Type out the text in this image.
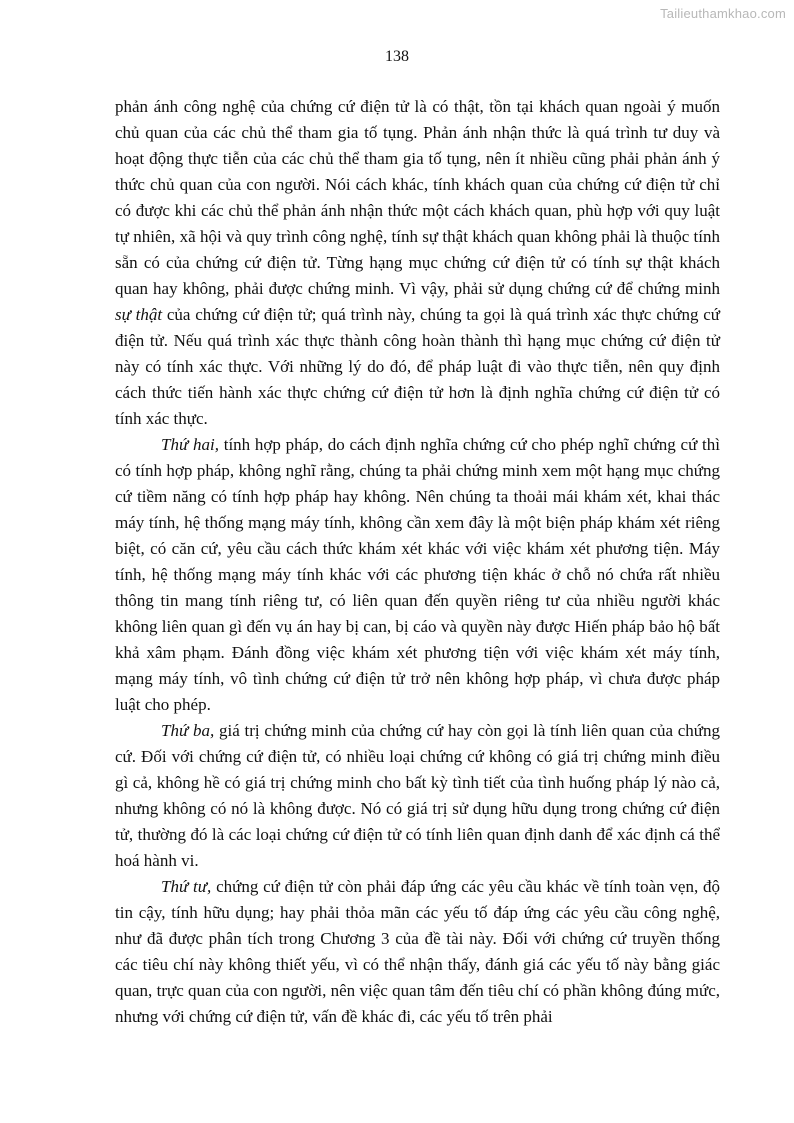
Tailieuthamkhao.com
138

phản ánh công nghệ của chứng cứ điện tử là có thật, tồn tại khách quan ngoài ý muốn chủ quan của các chủ thể tham gia tố tụng. Phản ánh nhận thức là quá trình tư duy và hoạt động thực tiễn của các chủ thể tham gia tố tụng, nên ít nhiều cũng phải phản ánh ý thức chủ quan của con người. Nói cách khác, tính khách quan của chứng cứ điện tử chỉ có được khi các chủ thể phản ánh nhận thức một cách khách quan, phù hợp với quy luật tự nhiên, xã hội và quy trình công nghệ, tính sự thật khách quan không phải là thuộc tính sẵn có của chứng cứ điện tử. Từng hạng mục chứng cứ điện tử có tính sự thật khách quan hay không, phải được chứng minh. Vì vậy, phải sử dụng chứng cứ để chứng minh sự thật của chứng cứ điện tử; quá trình này, chúng ta gọi là quá trình xác thực chứng cứ điện tử. Nếu quá trình xác thực thành công hoàn thành thì hạng mục chứng cứ điện tử này có tính xác thực. Với những lý do đó, để pháp luật đi vào thực tiễn, nên quy định cách thức tiến hành xác thực chứng cứ điện tử hơn là định nghĩa chứng cứ điện tử có tính xác thực.

Thứ hai, tính hợp pháp, do cách định nghĩa chứng cứ cho phép nghĩ chứng cứ thì có tính hợp pháp, không nghĩ rằng, chúng ta phải chứng minh xem một hạng mục chứng cứ tiềm năng có tính hợp pháp hay không. Nên chúng ta thoải mái khám xét, khai thác máy tính, hệ thống mạng máy tính, không cần xem đây là một biện pháp khám xét riêng biệt, có căn cứ, yêu cầu cách thức khám xét khác với việc khám xét phương tiện. Máy tính, hệ thống mạng máy tính khác với các phương tiện khác ở chỗ nó chứa rất nhiều thông tin mang tính riêng tư, có liên quan đến quyền riêng tư của nhiều người khác không liên quan gì đến vụ án hay bị can, bị cáo và quyền này được Hiến pháp bảo hộ bất khả xâm phạm. Đánh đồng việc khám xét phương tiện với việc khám xét máy tính, mạng máy tính, vô tình chứng cứ điện tử trở nên không hợp pháp, vì chưa được pháp luật cho phép.

Thứ ba, giá trị chứng minh của chứng cứ hay còn gọi là tính liên quan của chứng cứ. Đối với chứng cứ điện tử, có nhiều loại chứng cứ không có giá trị chứng minh điều gì cả, không hề có giá trị chứng minh cho bất kỳ tình tiết của tình huống pháp lý nào cả, nhưng không có nó là không được. Nó có giá trị sử dụng hữu dụng trong chứng cứ điện tử, thường đó là các loại chứng cứ điện tử có tính liên quan định danh để xác định cá thể hoá hành vi.

Thứ tư, chứng cứ điện tử còn phải đáp ứng các yêu cầu khác về tính toàn vẹn, độ tin cậy, tính hữu dụng; hay phải thỏa mãn các yếu tố đáp ứng các yêu cầu công nghệ, như đã được phân tích trong Chương 3 của đề tài này. Đối với chứng cứ truyền thống các tiêu chí này không thiết yếu, vì có thể nhận thấy, đánh giá các yếu tố này bằng giác quan, trực quan của con người, nên việc quan tâm đến tiêu chí có phần không đúng mức, nhưng với chứng cứ điện tử, vấn đề khác đi, các yếu tố trên phải
